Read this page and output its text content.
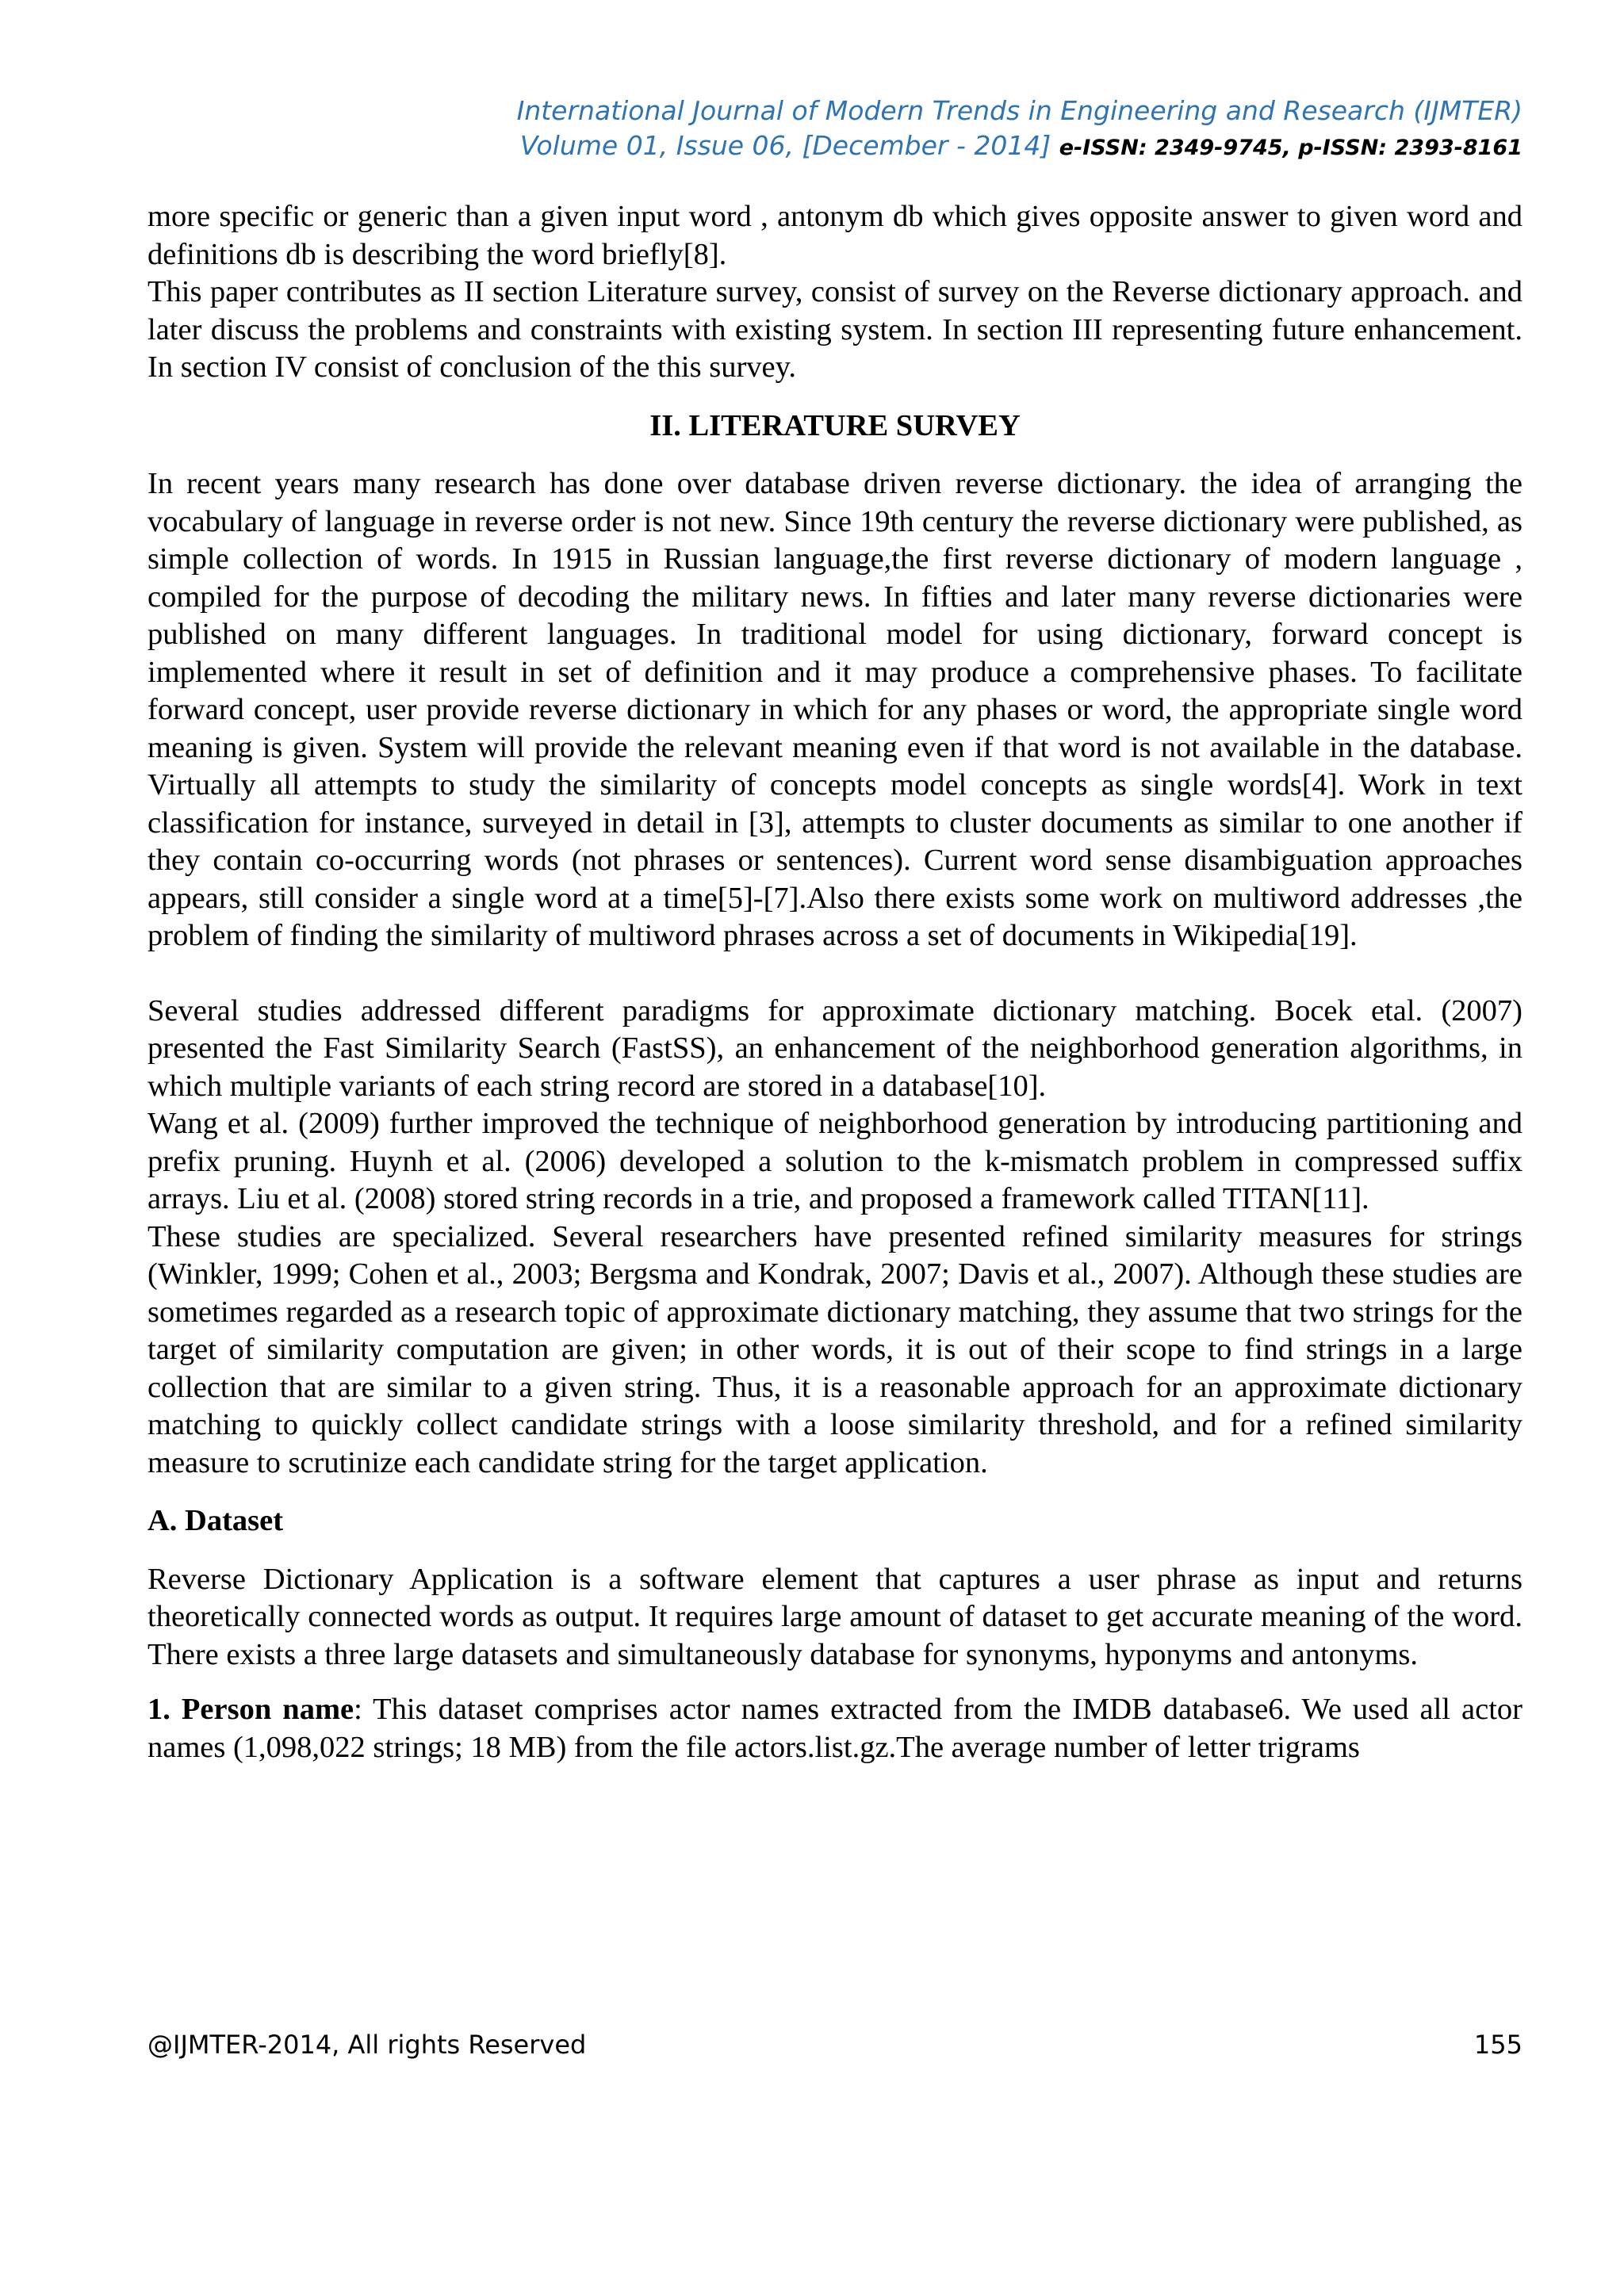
International Journal of Modern Trends in Engineering and Research (IJMTER)
Volume 01, Issue 06, [December - 2014] e-ISSN: 2349-9745, p-ISSN: 2393-8161

more specific or generic than a given input word , antonym db which gives opposite answer to given word and definitions db is describing the word briefly[8].

This paper contributes as II section Literature survey, consist of survey on the Reverse dictionary approach. and later discuss the problems and constraints with existing system. In section III representing future enhancement. In section IV consist of conclusion of the this survey.

II. LITERATURE SURVEY

In recent years many research has done over database driven reverse dictionary. the idea of arranging the vocabulary of language in reverse order is not new. Since 19th century the reverse dictionary were published, as simple collection of words. In 1915 in Russian language,the first reverse dictionary of modern language , compiled for the purpose of decoding the military news. In fifties and later many reverse dictionaries were published on many different languages. In traditional model for using dictionary, forward concept is implemented where it result in set of definition and it may produce a comprehensive phases. To facilitate forward concept, user provide reverse dictionary in which for any phases or word, the appropriate single word meaning is given. System will provide the relevant meaning even if that word is not available in the database. Virtually all attempts to study the similarity of concepts model concepts as single words[4]. Work in text classification for instance, surveyed in detail in [3], attempts to cluster documents as similar to one another if they contain co-occurring words (not phrases or sentences). Current word sense disambiguation approaches appears, still consider a single word at a time[5]-[7].Also there exists some work on multiword addresses ,the problem of finding the similarity of multiword phrases across a set of documents in Wikipedia[19].

Several studies addressed different paradigms for approximate dictionary matching. Bocek etal. (2007) presented the Fast Similarity Search (FastSS), an enhancement of the neighborhood generation algorithms, in which multiple variants of each string record are stored in a database[10].

Wang et al. (2009) further improved the technique of neighborhood generation by introducing partitioning and prefix pruning. Huynh et al. (2006) developed a solution to the k-mismatch problem in compressed suffix arrays. Liu et al. (2008) stored string records in a trie, and proposed a framework called TITAN[11].

These studies are specialized. Several researchers have presented refined similarity measures for strings (Winkler, 1999; Cohen et al., 2003; Bergsma and Kondrak, 2007; Davis et al., 2007). Although these studies are sometimes regarded as a research topic of approximate dictionary matching, they assume that two strings for the target of similarity computation are given; in other words, it is out of their scope to find strings in a large collection that are similar to a given string. Thus, it is a reasonable approach for an approximate dictionary matching to quickly collect candidate strings with a loose similarity threshold, and for a refined similarity measure to scrutinize each candidate string for the target application.

A. Dataset

Reverse Dictionary Application is a software element that captures a user phrase as input and returns theoretically connected words as output. It requires large amount of dataset to get accurate meaning of the word. There exists a three large datasets and simultaneously database for synonyms, hyponyms and antonyms.

1. Person name: This dataset comprises actor names extracted from the IMDB database6. We used all actor names (1,098,022 strings; 18 MB) from the file actors.list.gz.The average number of letter trigrams

@IJMTER-2014, All rights Reserved	155
